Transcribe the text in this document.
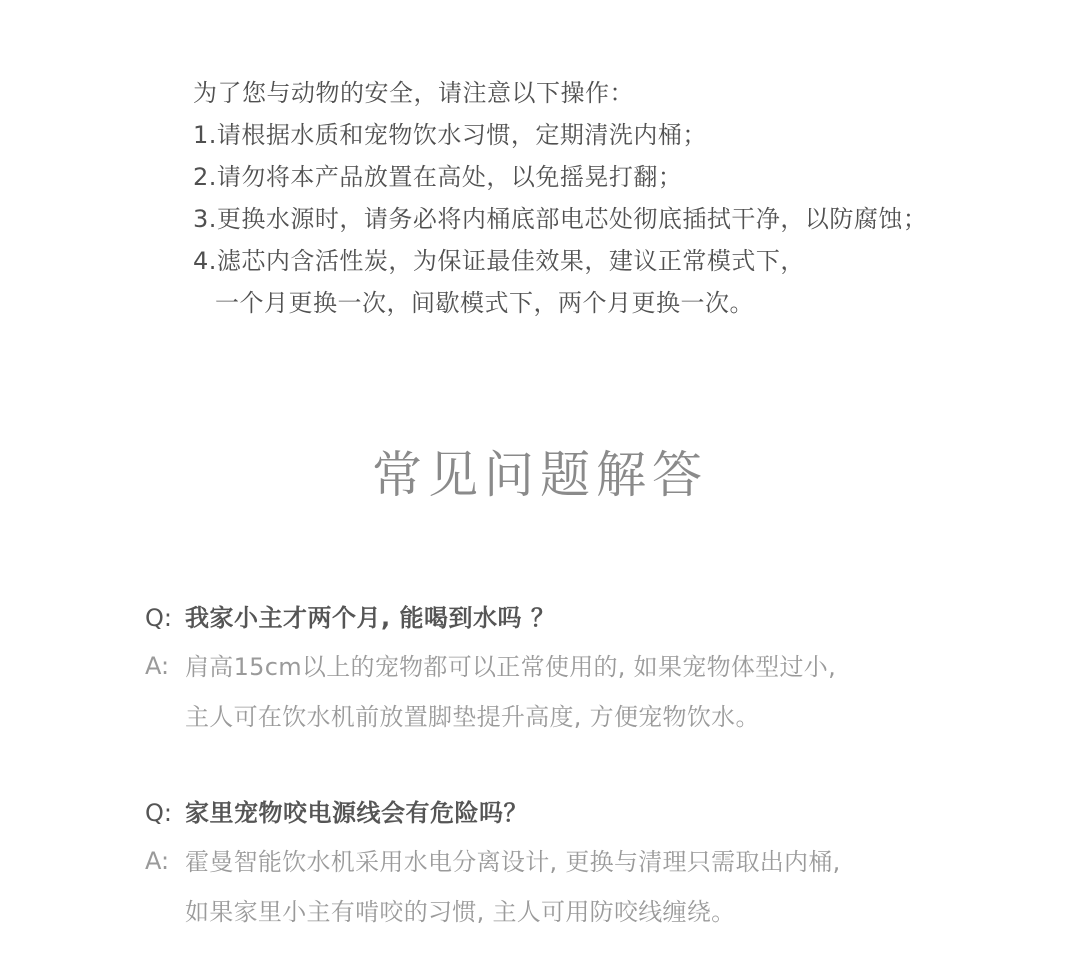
为了您与动物的安全，请注意以下操作：
1.请根据水质和宠物饮水习惯，定期清洗内桶；
2.请勿将本产品放置在高处，以免摇晃打翻；
3.更换水源时，请务必将内桶底部电芯处彻底插拭干净，以防腐蚀；
4.滤芯内含活性炭，为保证最佳效果，建议正常模式下，
一个月更换一次，间歇模式下，两个月更换一次。
常见问题解答
Q: 我家小主才两个月, 能喝到水吗 ？
A: 肩高15cm以上的宠物都可以正常使用的, 如果宠物体型过小,
主人可在饮水机前放置脚垫提升高度, 方便宠物饮水。
Q: 家里宠物咬电源线会有危险吗？
A: 霍曼智能饮水机采用水电分离设计, 更换与清理只需取出内桶,
如果家里小主有啃咬的习惯, 主人可用防咬线缠绕。
